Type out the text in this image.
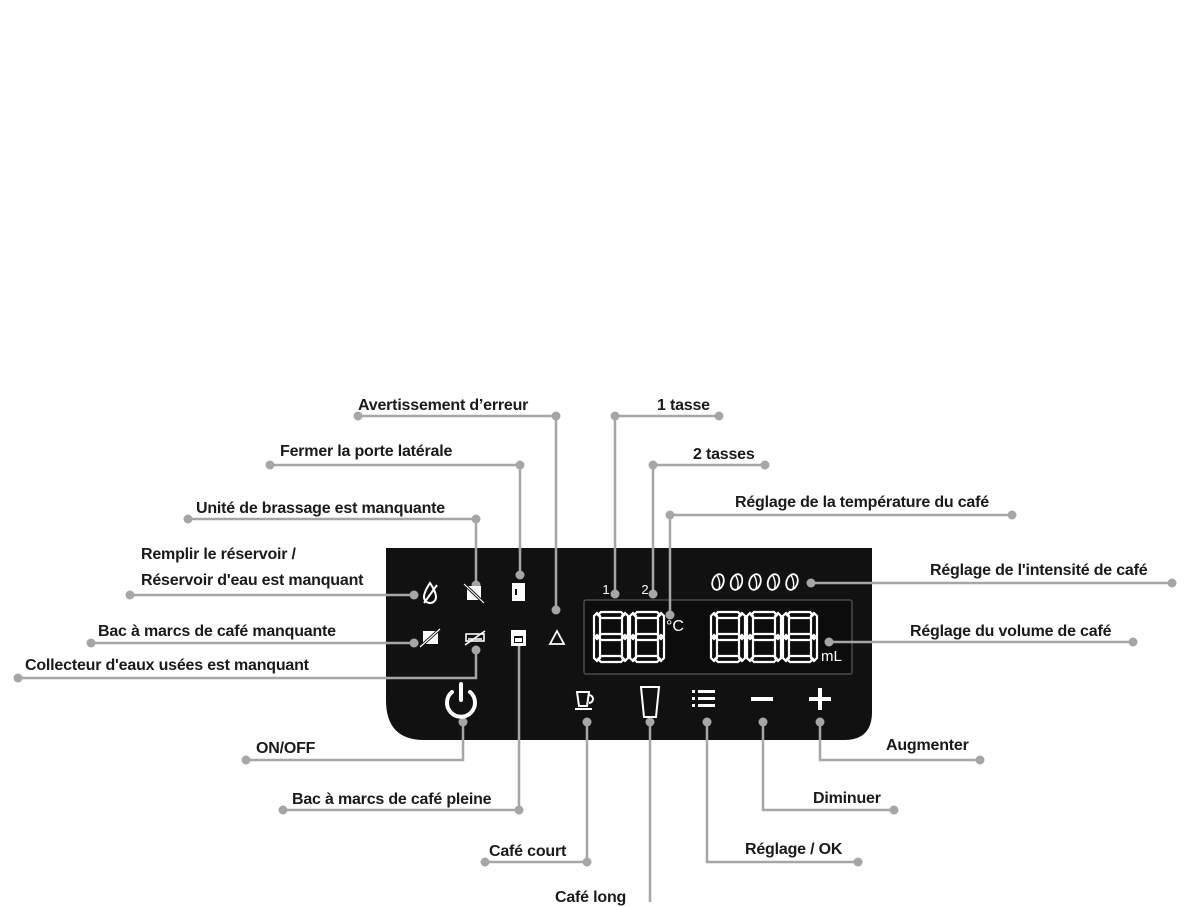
1 2
°C
mL
Avertissement d’erreur	1 tasse
Fermer la porte latérale	2 tasses
Réglage de la température du café
Unité de brassage est manquante
Remplir le réservoir /
Réservoir d'eau est manquant
Réglage de l'intensité de café
Bac à marcs de café manquante	Réglage du volume de café
Collecteur d'eaux usées est manquant
ON/OFF	Augmenter
Bac à marcs de café pleine	Diminuer
Café court	Réglage / OK
Café long
